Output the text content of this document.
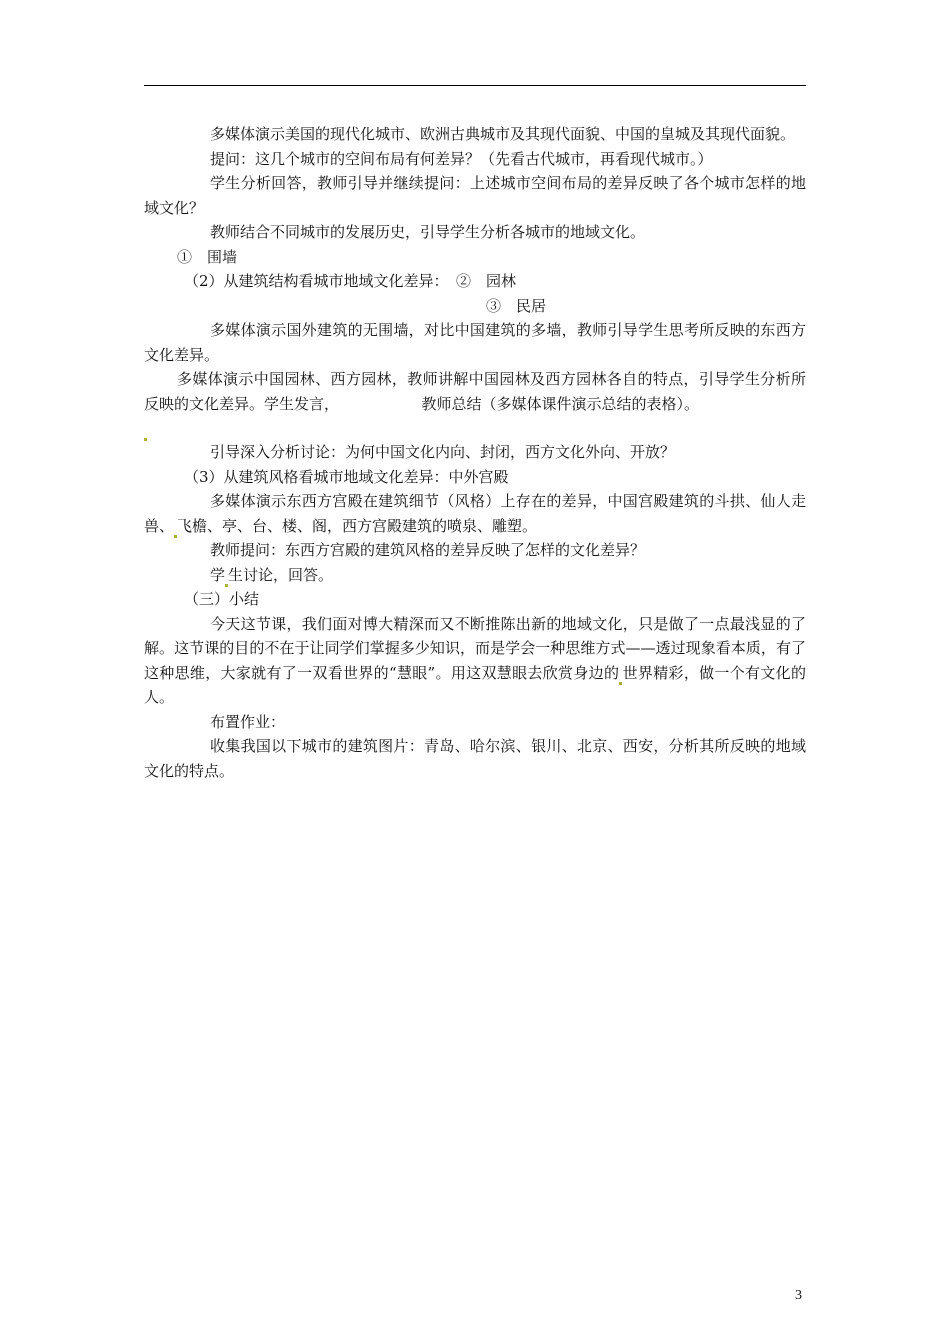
多媒体演示美国的现代化城市、欧洲古典城市及其现代面貌、中国的皇城及其现代面貌。

提问：这几个城市的空间布局有何差异？（先看古代城市，再看现代城市。）

学生分析回答，教师引导并继续提问：上述城市空间布局的差异反映了各个城市怎样的地域文化？

教师结合不同城市的发展历史，引导学生分析各城市的地域文化。

①　围墙

（2）从建筑结构看城市地域文化差异：　②　园林

③　民居

多媒体演示国外建筑的无围墙，对比中国建筑的多墙，教师引导学生思考所反映的东西方文化差异。

多媒体演示中国园林、西方园林，教师讲解中国园林及西方园林各自的特点，引导学生分析所反映的文化差异。学生发言，　　　　　　教师总结（多媒体课件演示总结的表格）。

引导深入分析讨论：为何中国文化内向、封闭，西方文化外向、开放？

（3）从建筑风格看城市地域文化差异：中外宫殿

多媒体演示东西方宫殿在建筑细节（风格）上存在的差异，中国宫殿建筑的斗拱、仙人走兽、 飞檐、亭、台、楼、阁，西方宫殿建筑的喷泉、雕塑。

教师提问：东西方宫殿的建筑风格的差异反映了怎样的文化差异？

学 生讨论，回答。

（三）小结

今天这节课，我们面对博大精深而又不断推陈出新的地域文化，只是做了一点最浅显的了解。这节课的目的不在于让同学们掌握多少知识，而是学会一种思维方式——透过现象看本质，有了这种思维，大家就有了一双看世界的“慧眼”。用这双慧眼去欣赏身边的 世界精彩，做一个有文化的人。

布置作业：

收集我国以下城市的建筑图片：青岛、哈尔滨、银川、北京、西安，分析其所反映的地域文化的特点。

3
